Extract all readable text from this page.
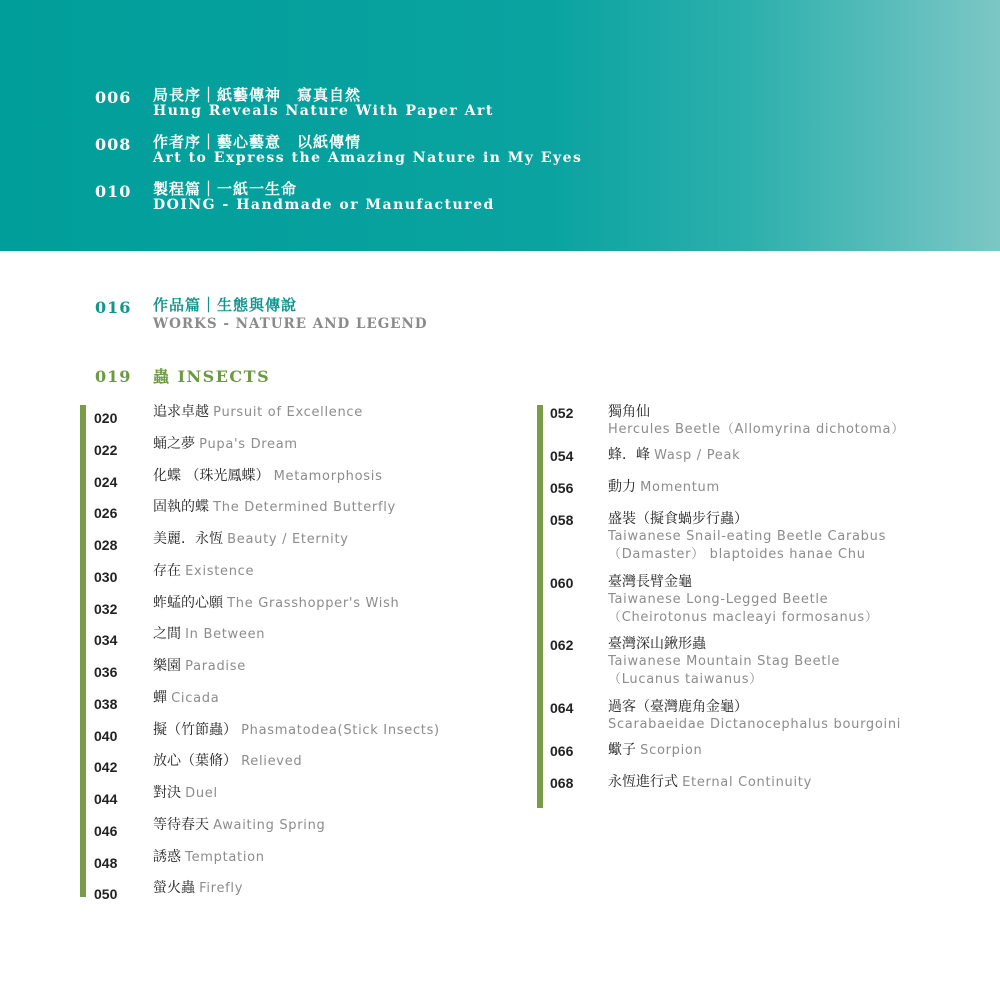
006 局長序｜紙藝傳神　寫真自然
Hung Reveals Nature With Paper Art
008 作者序｜藝心藝意　以紙傳情
Art to Express the Amazing Nature in My Eyes
010 製程篇｜一紙一生命
DOING - Handmade or Manufactured
016 作品篇｜生態與傳說
WORKS - NATURE AND LEGEND
019 蟲 INSECTS
020	追求卓越 Pursuit of Excellence
022	蛹之夢 Pupa's Dream
024	化蝶 （珠光鳳蝶） Metamorphosis
026	固執的蝶 The Determined Butterfly
028	美麗．永恆 Beauty / Eternity
030	存在 Existence
032	蚱蜢的心願 The Grasshopper's Wish
034	之間 In Between
036	樂園 Paradise
038	蟬 Cicada
040	擬（竹節蟲） Phasmatodea(Stick Insects)
042	放心（葉脩） Relieved
044	對決 Duel
046	等待春天 Awaiting Spring
048	誘惑 Temptation
050	螢火蟲 Firefly
052 獨角仙
Hercules Beetle（Allomyrina dichotoma）
054 蜂．峰 Wasp / Peak
056 動力 Momentum
058 盛裝（擬食蝸步行蟲）
Taiwanese Snail-eating Beetle Carabus
（Damaster） blaptoides hanae Chu
060 臺灣長臂金龜
Taiwanese Long-Legged Beetle
（Cheirotonus macleayi formosanus）
062 臺灣深山鍬形蟲
Taiwanese Mountain Stag Beetle
（Lucanus taiwanus）
064 過客（臺灣鹿角金龜）
Scarabaeidae Dictanocephalus bourgoini
066 蠍子 Scorpion
068 永恆進行式 Eternal Continuity
